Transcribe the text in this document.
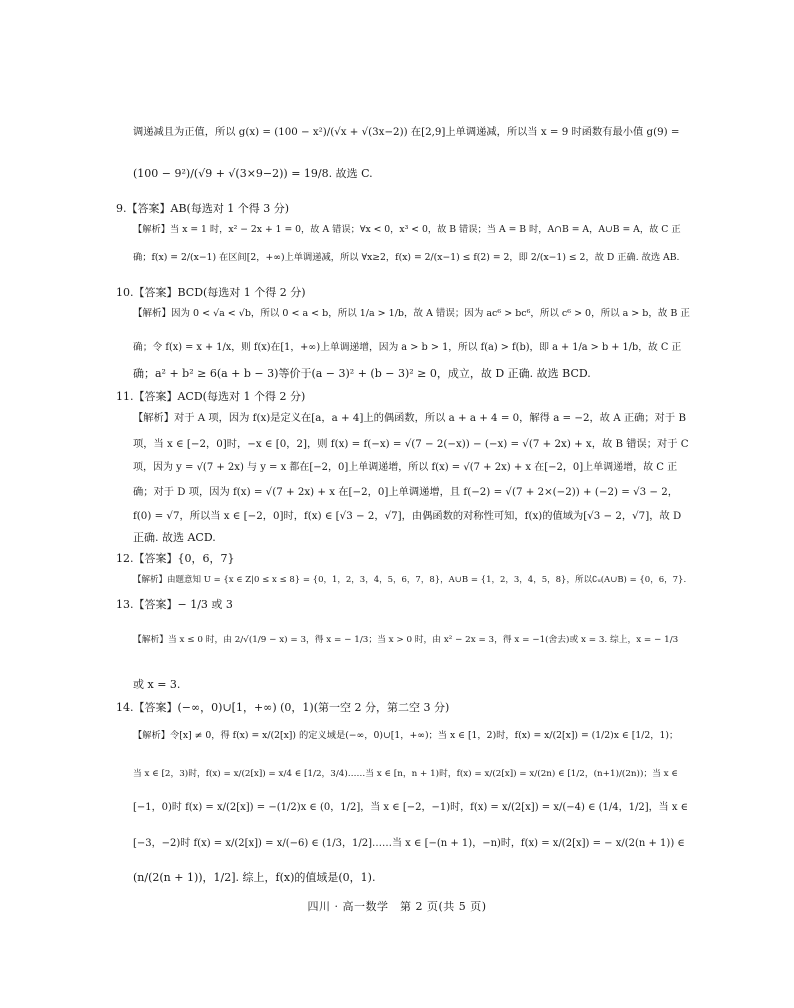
调递减且为正值，所以 g(x) = (100 − x²)/(√x + √(3x−2)) 在[2,9]上单调递减，所以当 x = 9 时函数有最小值 g(9) =
(100 − 9²)/(√9 + √(3×9−2)) = 19/8. 故选 C.
9.【答案】AB(每选对 1 个得 3 分)
【解析】当 x = 1 时，x² − 2x + 1 = 0，故 A 错误；∀x < 0，x³ < 0，故 B 错误；当 A = B 时，A∩B = A，A∪B = A，故 C 正
确；f(x) = 2/(x−1) 在区间[2，+∞)上单调递减，所以 ∀x≥2，f(x) = 2/(x−1) ≤ f(2) = 2，即 2/(x−1) ≤ 2，故 D 正确. 故选 AB.
10.【答案】BCD(每选对 1 个得 2 分)
【解析】因为 0 < √a < √b，所以 0 < a < b，所以 1/a > 1/b，故 A 错误；因为 ac⁶ > bc⁶，所以 c⁶ > 0，所以 a > b，故 B 正
确；令 f(x) = x + 1/x，则 f(x)在[1，+∞)上单调递增，因为 a > b > 1，所以 f(a) > f(b)，即 a + 1/a > b + 1/b，故 C 正
确；a² + b² ≥ 6(a + b − 3)等价于(a − 3)² + (b − 3)² ≥ 0，成立，故 D 正确. 故选 BCD.
11.【答案】ACD(每选对 1 个得 2 分)
【解析】对于 A 项，因为 f(x)是定义在[a，a + 4]上的偶函数，所以 a + a + 4 = 0，解得 a = −2，故 A 正确；对于 B
项，当 x ∈ [−2，0]时，−x ∈ [0，2]，则 f(x) = f(−x) = √(7 − 2(−x)) − (−x) = √(7 + 2x) + x，故 B 错误；对于 C
项，因为 y = √(7 + 2x) 与 y = x 都在[−2，0]上单调递增，所以 f(x) = √(7 + 2x) + x 在[−2，0]上单调递增，故 C 正
确；对于 D 项，因为 f(x) = √(7 + 2x) + x 在[−2，0]上单调递增，且 f(−2) = √(7 + 2×(−2)) + (−2) = √3 − 2，
f(0) = √7，所以当 x ∈ [−2，0]时，f(x) ∈ [√3 − 2，√7]，由偶函数的对称性可知，f(x)的值域为[√3 − 2，√7]，故 D
正确. 故选 ACD.
12.【答案】{0，6，7}
【解析】由题意知 U = {x ∈ Z|0 ≤ x ≤ 8} = {0，1，2，3，4，5，6，7，8}，A∪B = {1，2，3，4，5，8}，所以∁ᵤ(A∪B) = {0，6，7}.
13.【答案】− 1/3 或 3
【解析】当 x ≤ 0 时，由 2/√(1/9 − x) = 3，得 x = − 1/3；当 x > 0 时，由 x² − 2x = 3，得 x = −1(舍去)或 x = 3. 综上，x = − 1/3
或 x = 3.
14.【答案】(−∞，0)∪[1，+∞) (0，1)(第一空 2 分，第二空 3 分)
【解析】令[x] ≠ 0，得 f(x) = x/(2[x]) 的定义域是(−∞，0)∪[1，+∞)；当 x ∈ [1，2)时，f(x) = x/(2[x]) = (1/2)x ∈ [1/2，1)；
当 x ∈ [2，3)时，f(x) = x/(2[x]) = x/4 ∈ [1/2，3/4)……当 x ∈ [n，n + 1)时，f(x) = x/(2[x]) = x/(2n) ∈ [1/2，(n+1)/(2n))；当 x ∈
[−1，0)时 f(x) = x/(2[x]) = −(1/2)x ∈ (0，1/2]，当 x ∈ [−2，−1)时，f(x) = x/(2[x]) = x/(−4) ∈ (1/4，1/2]，当 x ∈
[−3，−2)时 f(x) = x/(2[x]) = x/(−6) ∈ (1/3，1/2]……当 x ∈ [−(n + 1)，−n)时，f(x) = x/(2[x]) = − x/(2(n + 1)) ∈
(n/(2(n + 1))，1/2]. 综上，f(x)的值域是(0，1).
四川 · 高一数学　第 2 页(共 5 页)
